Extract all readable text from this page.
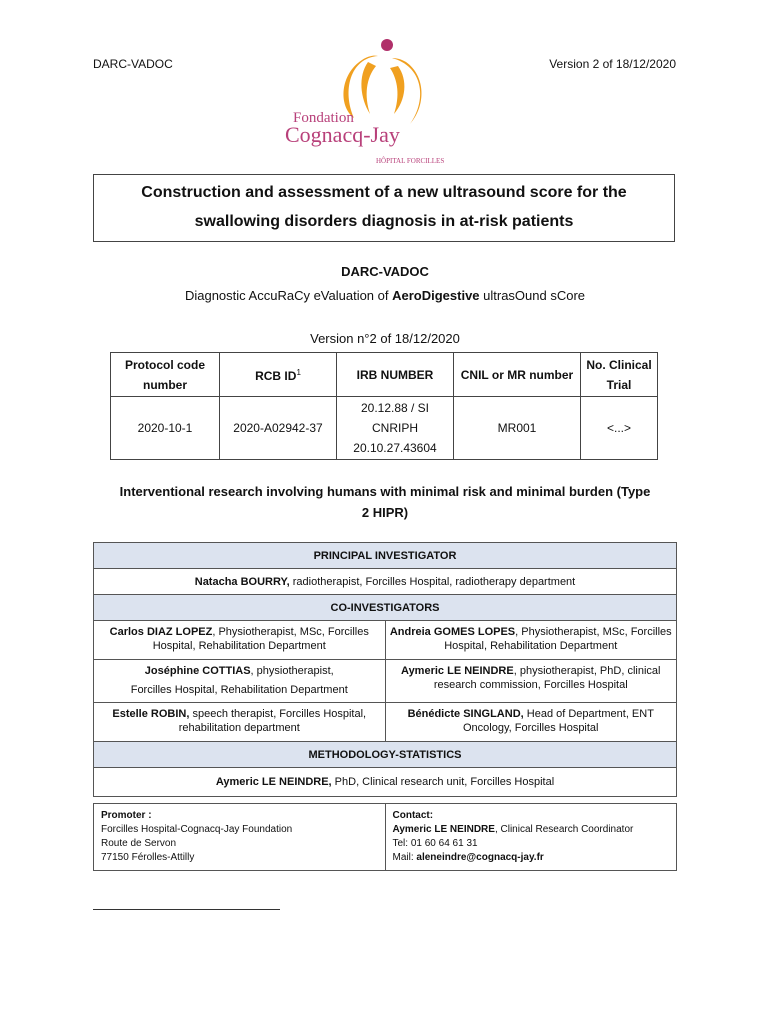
DARC-VADOC	Version 2 of 18/12/2020
Fondation
Cognacq-Jay
HÔPITAL FORCILLES
Construction and assessment of a new ultrasound score for the
swallowing disorders diagnosis in at-risk patients
DARC-VADOC
Diagnostic AccuRaCy eValuation of AeroDigestive ultrasOund sCore
Version n°2 of 18/12/2020
Protocol code number	RCB $ID^1$	IRB NUMBER	CNIL or MR number	No. Clinical Trial
2020-10-1	2020-A02942-37	20.12.88 / SI CNRIPH 20.10.27.43604	MR001	<...>
Interventional research involving humans with minimal risk and minimal burden (Type
2 HIPR)
PRINCIPAL INVESTIGATOR	
Natacha BOURRY, radiotherapist, Forcilles Hospital, radiotherapy department	
CO-INVESTIGATORS	
Carlos DIAZ LOPEZ, Physiotherapist, MSc, Forcilles Hospital, Rehabilitation Department	Andreia GOMES LOPES, Physiotherapist, MSc, Forcilles Hospital, Rehabilitation Department
Joséphine COTTIAS, physiotherapist,
Forcilles Hospital, Rehabilitation Department	Aymeric LE NEINDRE, physiotherapist, PhD, clinical research commission, Forcilles Hospital
Estelle ROBIN, speech therapist, Forcilles Hospital, rehabilitation department	Bénédicte SINGLAND, Head of Department, ENT Oncology, Forcilles Hospital
METHODOLOGY-STATISTICS	
Aymeric LE NEINDRE, PhD, Clinical research unit, Forcilles Hospital	
Promoter :
Forcilles Hospital-Cognacq-Jay Foundation
Route de Servon
77150 Férolles-Attilly

Contact:
Aymeric LE NEINDRE, Clinical Research Coordinator
Tel: 01 60 64 61 31
Mail: aleneindre@cognacq-jay.fr
